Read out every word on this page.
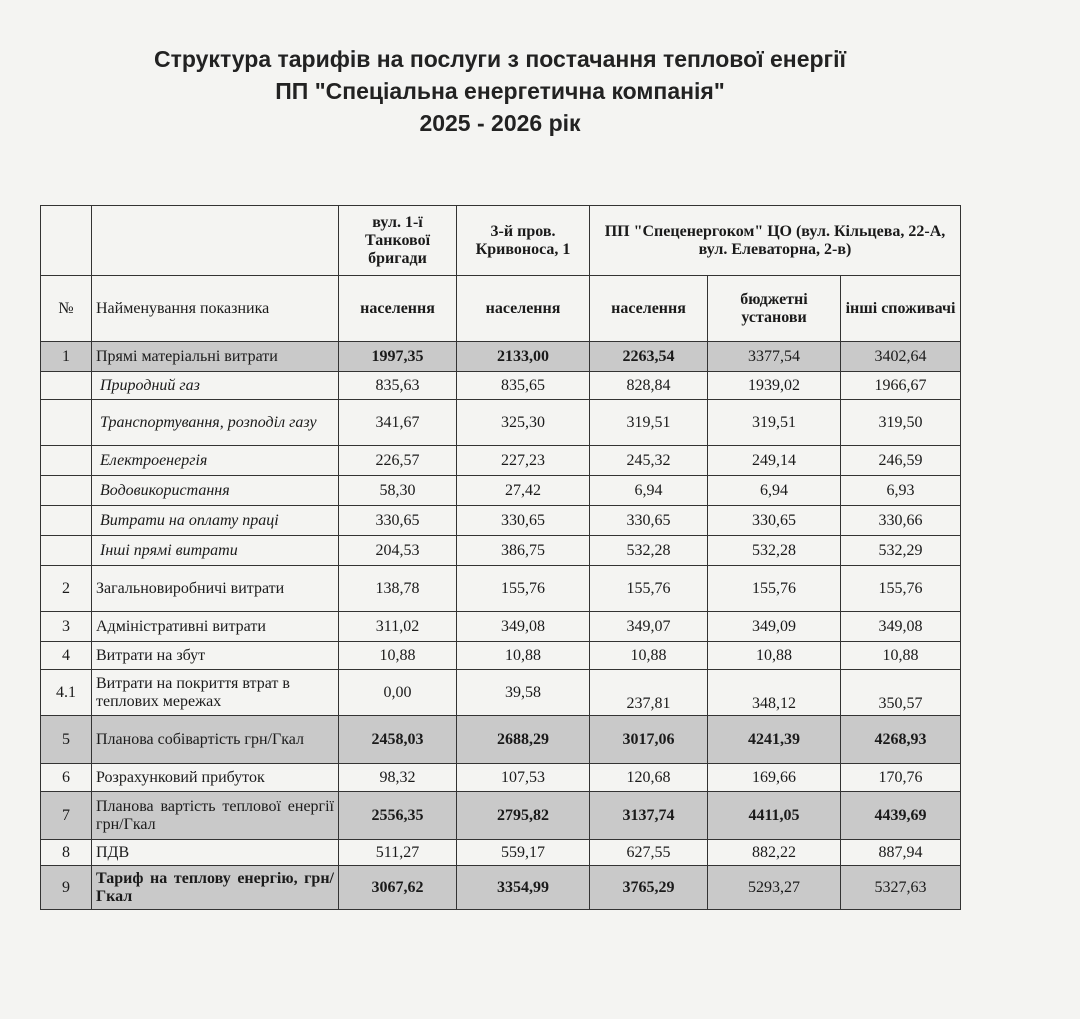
Структура тарифів на послуги з постачання теплової енергії

ПП "Спеціальна енергетична компанія"

2025 - 2026 рік

		вул. 1-ї Танкової бригади	3-й пров. Кривоноса, 1	ПП "Спеценергоком" ЦО (вул. Кільцева, 22-А, вул. Елеваторна, 2-в)		
№	Найменування показника	населення	населення	населення	бюджетні установи	інші споживачі
1	Прямі матеріальні витрати	1997,35	2133,00	2263,54	3377,54	3402,64
	Природний газ	835,63	835,65	828,84	1939,02	1966,67
	Транспортування, розподіл газу	341,67	325,30	319,51	319,51	319,50
	Електроенергія	226,57	227,23	245,32	249,14	246,59
	Водовикористання	58,30	27,42	6,94	6,94	6,93
	Витрати на оплату праці	330,65	330,65	330,65	330,65	330,66
	Інші прямі витрати	204,53	386,75	532,28	532,28	532,29
2	Загальновиробничі витрати	138,78	155,76	155,76	155,76	155,76
3	Адміністративні витрати	311,02	349,08	349,07	349,09	349,08
4	Витрати на збут	10,88	10,88	10,88	10,88	10,88
4.1	Витрати на покриття втрат в теплових мережах	0,00	39,58	237,81	348,12	350,57
5	Планова собівартість грн/Гкал	2458,03	2688,29	3017,06	4241,39	4268,93
6	Розрахунковий прибуток	98,32	107,53	120,68	169,66	170,76
7	Планова вартість теплової енергії грн/Гкал	2556,35	2795,82	3137,74	4411,05	4439,69
8	ПДВ	511,27	559,17	627,55	882,22	887,94
9	Тариф на теплову енергію, грн/Гкал	3067,62	3354,99	3765,29	5293,27	5327,63
